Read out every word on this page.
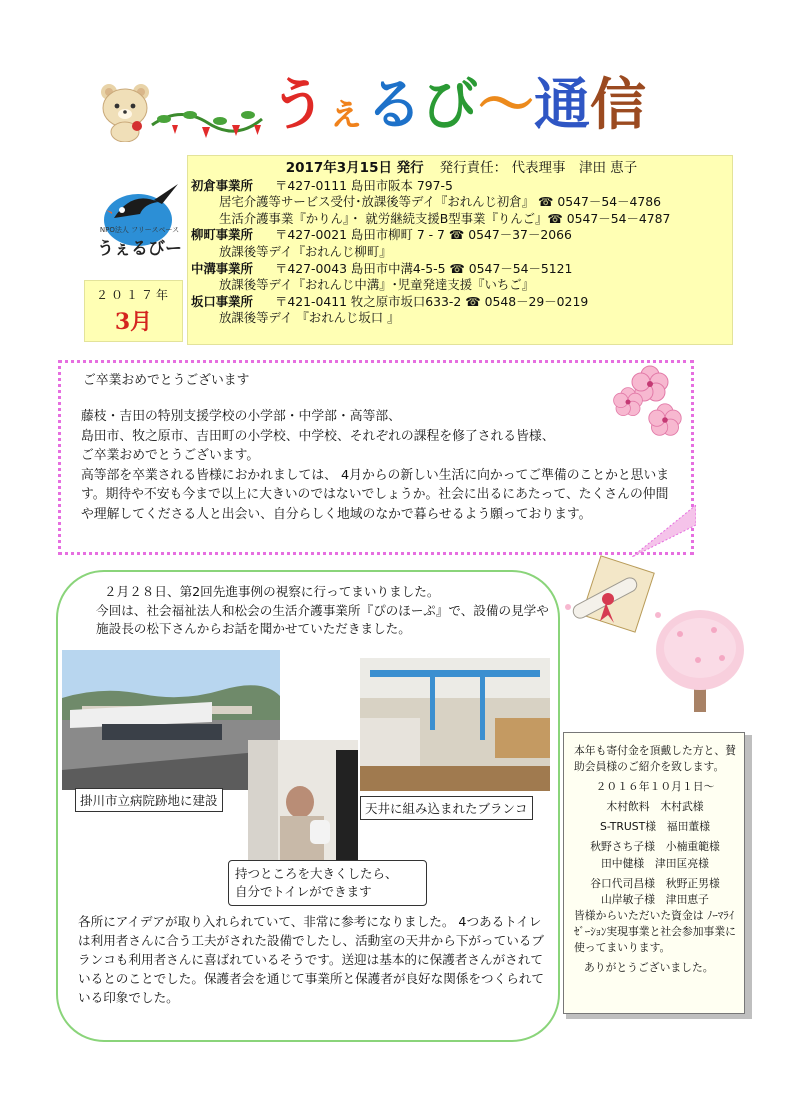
うぇるび～通信
NPO法人 フリースペース
うぇるびー
２０１７年
3月
2017年3月15日 発行 発行責任： 代表理事　津田 恵子
初倉事業所 〒427-0111 島田市阪本 797-5
居宅介護等サービス受付･放課後等デイ『おれんじ初倉』 ☎ 0547－54－4786
生活介護事業『かりん』・ 就労継続支援B型事業『りんご』☎ 0547－54－4787
柳町事業所 〒427-0021 島田市柳町 7 - 7 ☎ 0547－37－2066
放課後等デイ『おれんじ柳町』
中溝事業所 〒427-0043 島田市中溝4-5-5 ☎ 0547－54－5121
放課後等デイ『おれんじ中溝』･児童発達支援『いちご』
坂口事業所 〒421-0411 牧之原市坂口633-2 ☎ 0548－29－0219
放課後等デイ 『おれんじ坂口 』
ご卒業おめでとうございます

藤枝・吉田の特別支援学校の小学部・中学部・高等部、

島田市、牧之原市、吉田町の小学校、中学校、それぞれの課程を修了される皆様、

ご卒業おめでとうございます。

高等部を卒業される皆様におかれましては、 4月からの新しい生活に向かってご準備のことかと思います。期待や不安も今まで以上に大きいのではないでしょうか。社会に出るにあたって、たくさんの仲間や理解してくださる人と出会い、自分らしく地域のなかで暮らせるよう願っております。

２月２８日、第2回先進事例の視察に行ってまいりました。

今回は、社会福祉法人和松会の生活介護事業所『ぴのほーぷ』で、設備の見学や施設長の松下さんからお話を聞かせていただきました。

掛川市立病院跡地に建設
天井に組み込まれたブランコ
持つところを大きくしたら、
自分でトイレができます

各所にアイデアが取り入れられていて、非常に参考になりました。 4つあるトイレは利用者さんに合う工夫がされた設備でしたし、活動室の天井から下がっているブランコも利用者さんに喜ばれているそうです。送迎は基本的に保護者さんがされているとのことでした。保護者会を通じて事業所と保護者が良好な関係をつくられている印象でした。

本年も寄付金を頂戴した方と、賛助会員様のご紹介を致します。

２０１６年１０月１日～

木村飲料　木村武様

S-TRUST様　福田董様

秋野さち子様　小楠重範様

田中健様　津田匡亮様

谷口代司昌様　秋野正男様

山岸敏子様　津田恵子

皆様からいただいた資金は ﾉｰﾏﾗｲｾﾞｰｼｮﾝ実現事業と社会参加事業に使ってまいります。

ありがとうございました。
